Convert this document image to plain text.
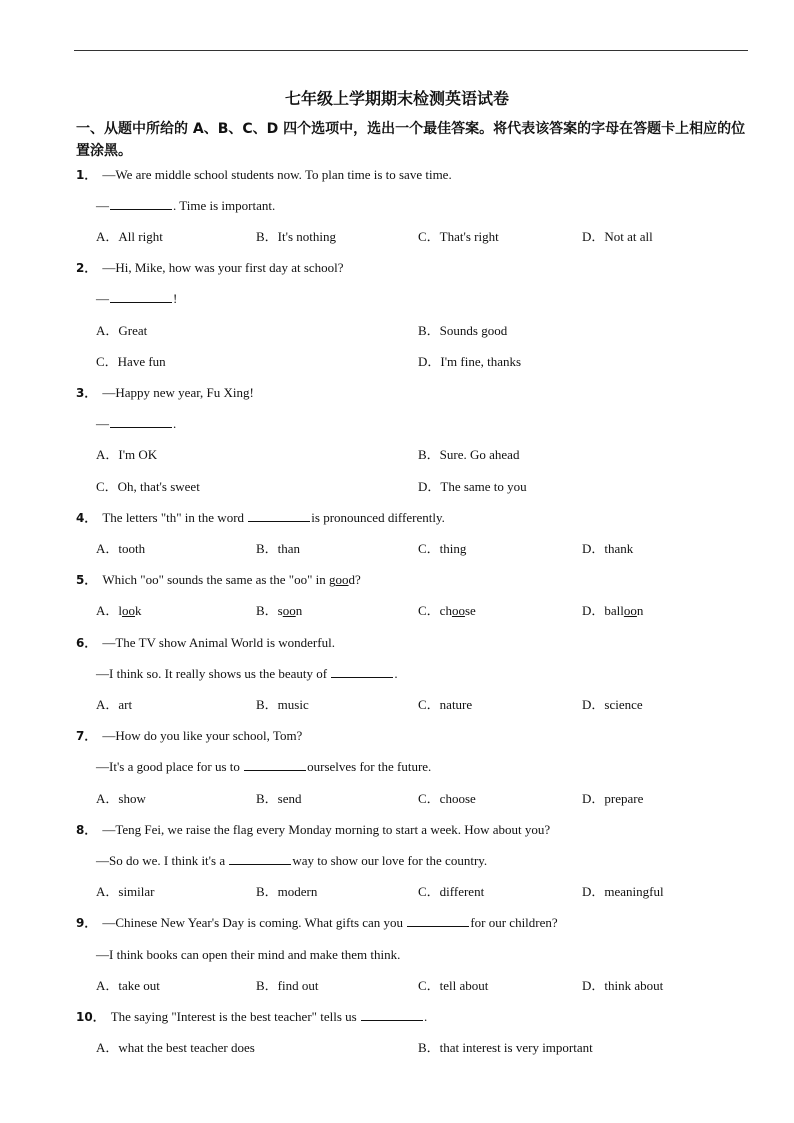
七年级上学期期末检测英语试卷
一、从题中所给的 A、B、C、D 四个选项中，选出一个最佳答案。将代表该答案的字母在答题卡上相应的位置涂黑。
1． —We are middle school students now. To plan time is to save time.
—	. Time is important.
A．All right	B．It's nothing	C．That's right	D．Not at all
2． —Hi, Mike, how was your first day at school?
—	!
A．Great	B．Sounds good
C．Have fun	D．I'm fine, thanks
3． —Happy new year, Fu Xing!
—	.
A．I'm OK	B．Sure. Go ahead
C．Oh, that's sweet	D．The same to you
4． The letters "th" in the word	is pronounced differently.
A．tooth	B．than	C．thing	D．thank
5． Which "oo" sounds the same as the "oo" in good?
A．look	B．soon	C．choose	D．balloon
6． —The TV show Animal World is wonderful.
—I think so. It really shows us the beauty of	.
A．art	B．music	C．nature	D．science
7． —How do you like your school, Tom?
—It's a good place for us to	ourselves for the future.
A．show	B．send	C．choose	D．prepare
8． —Teng Fei, we raise the flag every Monday morning to start a week. How about you?
—So do we. I think it's a	way to show our love for the country.
A．similar	B．modern	C．different	D．meaningful
9． —Chinese New Year's Day is coming. What gifts can you	for our children?
—I think books can open their mind and make them think.
A．take out	B．find out	C．tell about	D．think about
10． The saying "Interest is the best teacher" tells us	.
A．what the best teacher does	B．that interest is very important
